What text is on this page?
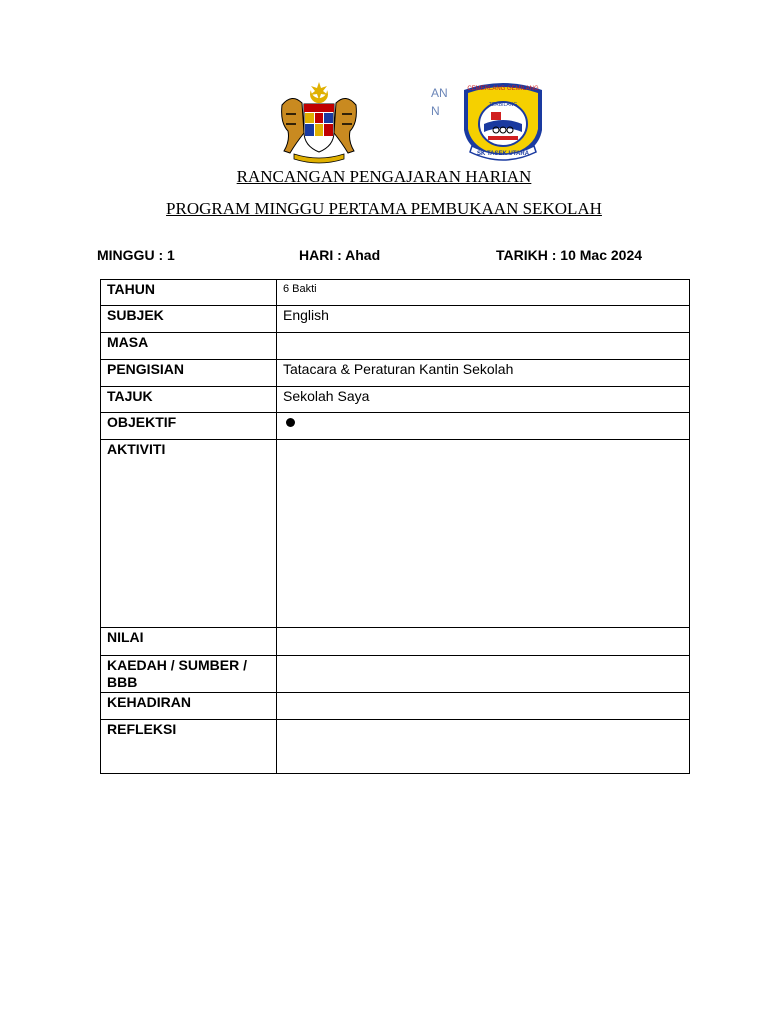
AN
N
CEMERLANG GEMILANG
TERBILANG
SK TASEK UTARA
RANCANGAN PENGAJARAN HARIAN
PROGRAM MINGGU PERTAMA PEMBUKAAN SEKOLAH
MINGGU : 1	HARI : Ahad	TARIKH : 10 Mac 2024
TAHUN	6 Bakti
SUBJEK	English
MASA	
PENGISIAN	Tatacara & Peraturan Kantin Sekolah
TAJUK	Sekolah Saya
OBJEKTIF	
AKTIVITI	
NILAI	
KAEDAH / SUMBER / BBB	
KEHADIRAN	
REFLEKSI	
